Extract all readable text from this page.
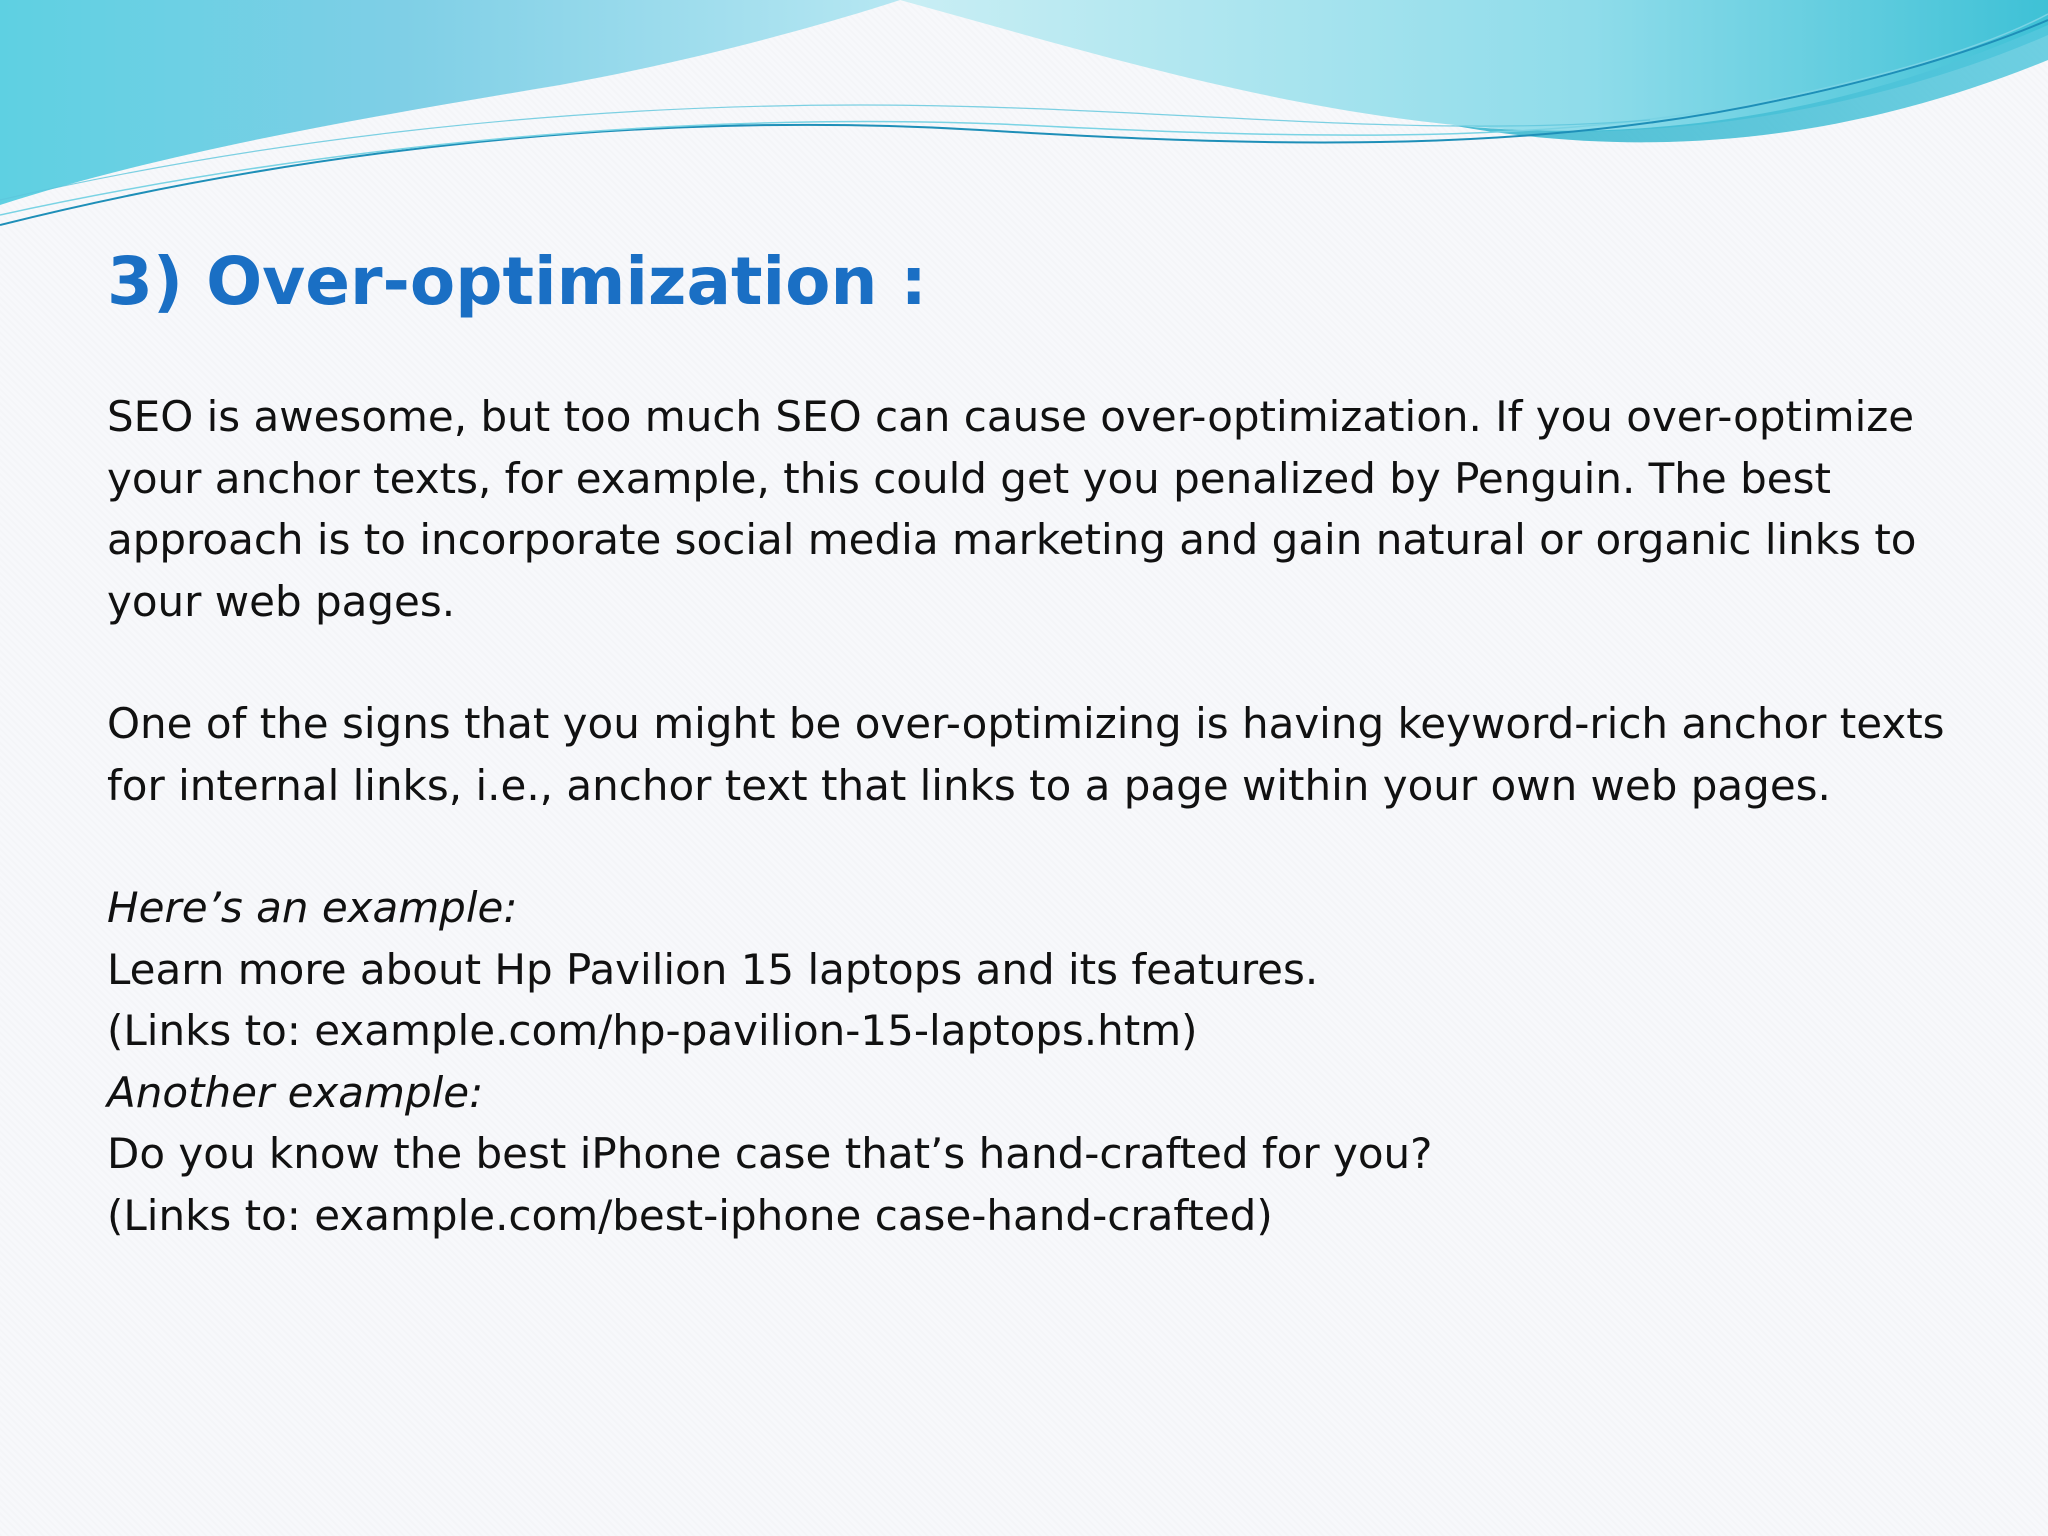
3) Over-optimization :

SEO is awesome, but too much SEO can cause over-optimization. If you over-optimize your anchor texts, for example, this could get you penalized by Penguin. The best approach is to incorporate social media marketing and gain natural or organic links to your web pages.

One of the signs that you might be over-optimizing is having keyword-rich anchor texts for internal links, i.e., anchor text that links to a page within your own web pages.

Here’s an example:
Learn more about Hp Pavilion 15 laptops and its features.
(Links to: example.com/hp-pavilion-15-laptops.htm)
Another example:
Do you know the best iPhone case that’s hand-crafted for you?
(Links to: example.com/best-iphone case-hand-crafted)
